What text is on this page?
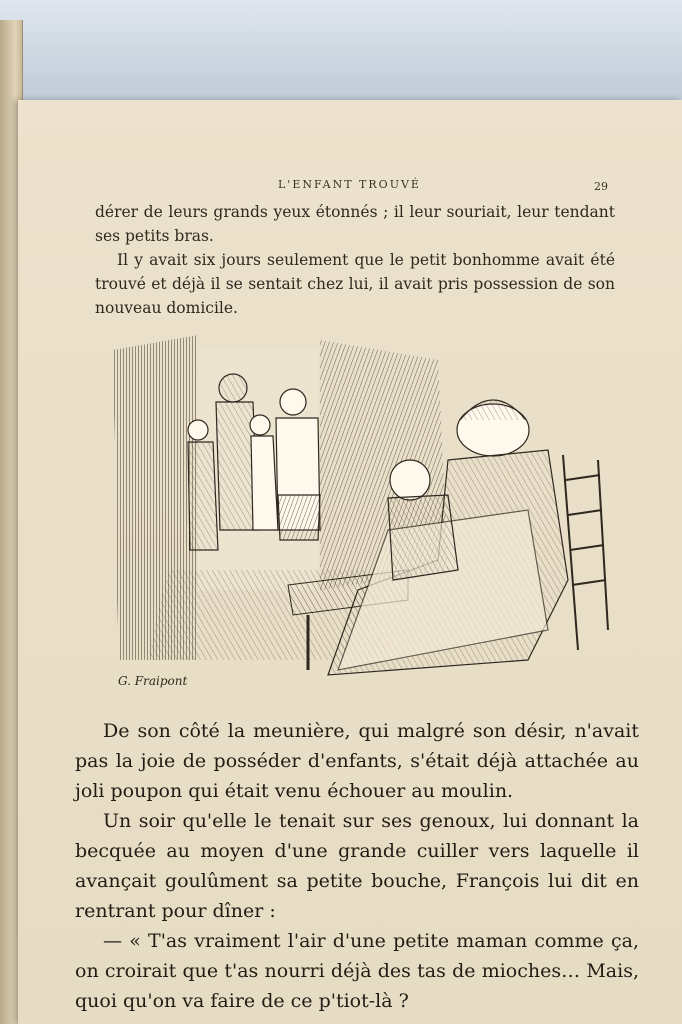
L'ENFANT TROUVÉ	29

dérer de leurs grands yeux étonnés ; il leur souriait, leur tendant ses petits bras.

Il y avait six jours seulement que le petit bonhomme avait été trouvé et déjà il se sentait chez lui, il avait pris possession de son nouveau domicile.

G. Fraipont

De son côté la meunière, qui malgré son désir, n'avait pas la joie de posséder d'enfants, s'était déjà attachée au joli poupon qui était venu échouer au moulin.

Un soir qu'elle le tenait sur ses genoux, lui donnant la becquée au moyen d'une grande cuiller vers laquelle il avançait goulûment sa petite bouche, François lui dit en rentrant pour dîner :

— « T'as vraiment l'air d'une petite maman comme ça, on croirait que t'as nourri déjà des tas de mioches… Mais, quoi qu'on va faire de ce p'tiot-là ?
